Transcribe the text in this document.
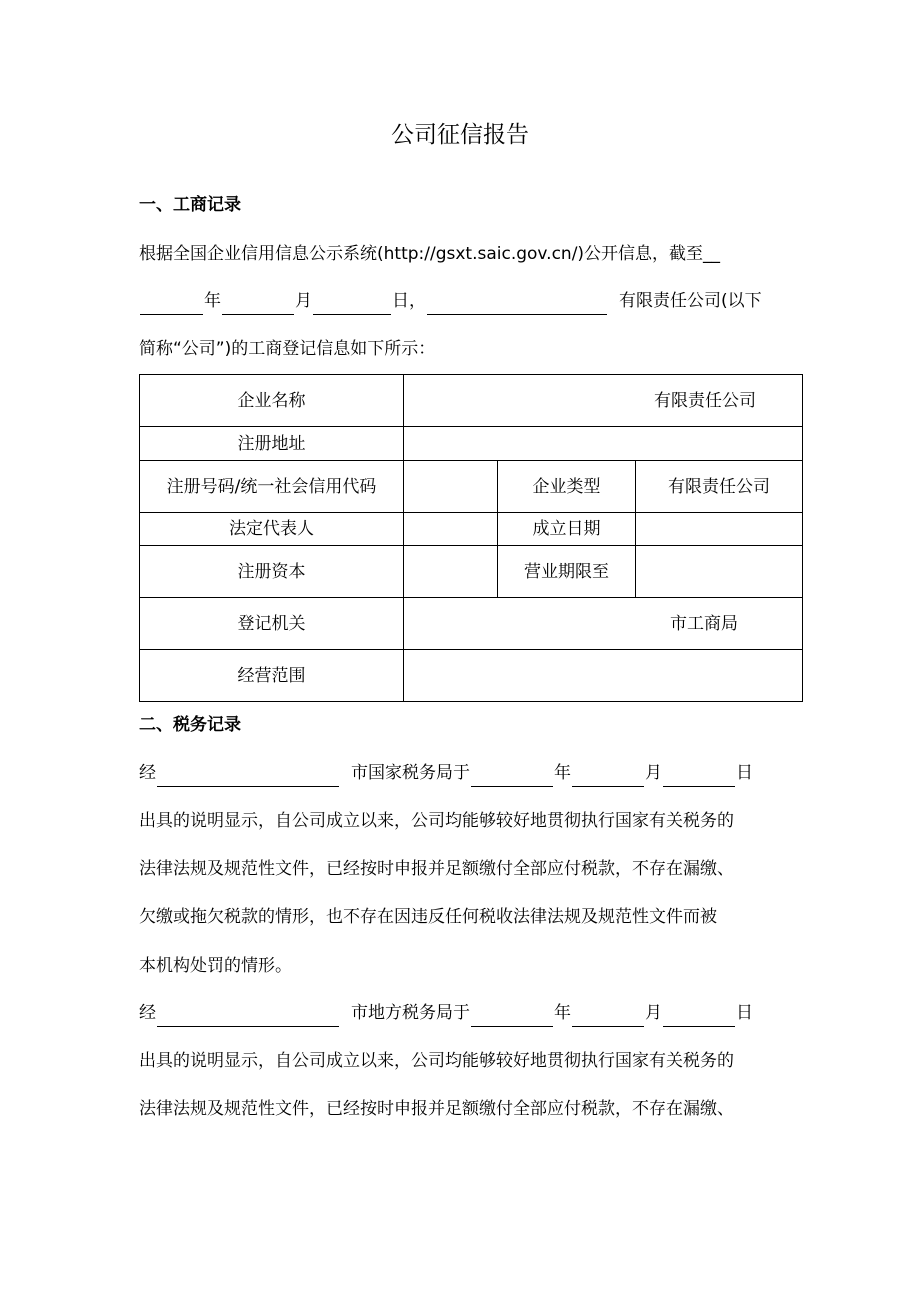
公司征信报告

一、工商记录

根据全国企业信用信息公示系统(http://gsxt.saic.gov.cn/)公开信息，截至__

年	月	日，	有限责任公司(以下

简称“公司”)的工商登记信息如下所示：

企业名称	有限责任公司		
注册地址			
注册号码/统一社会信用代码		企业类型	有限责任公司
法定代表人		成立日期	
注册资本		营业期限至	
登记机关	市工商局		
经营范围			

二、税务记录

经	市国家税务局于	年	月	日

出具的说明显示，自公司成立以来，公司均能够较好地贯彻执行国家有关税务的

法律法规及规范性文件，已经按时申报并足额缴付全部应付税款，不存在漏缴、

欠缴或拖欠税款的情形，也不存在因违反任何税收法律法规及规范性文件而被

本机构处罚的情形。

经	市地方税务局于	年	月	日

出具的说明显示，自公司成立以来，公司均能够较好地贯彻执行国家有关税务的

法律法规及规范性文件，已经按时申报并足额缴付全部应付税款，不存在漏缴、
